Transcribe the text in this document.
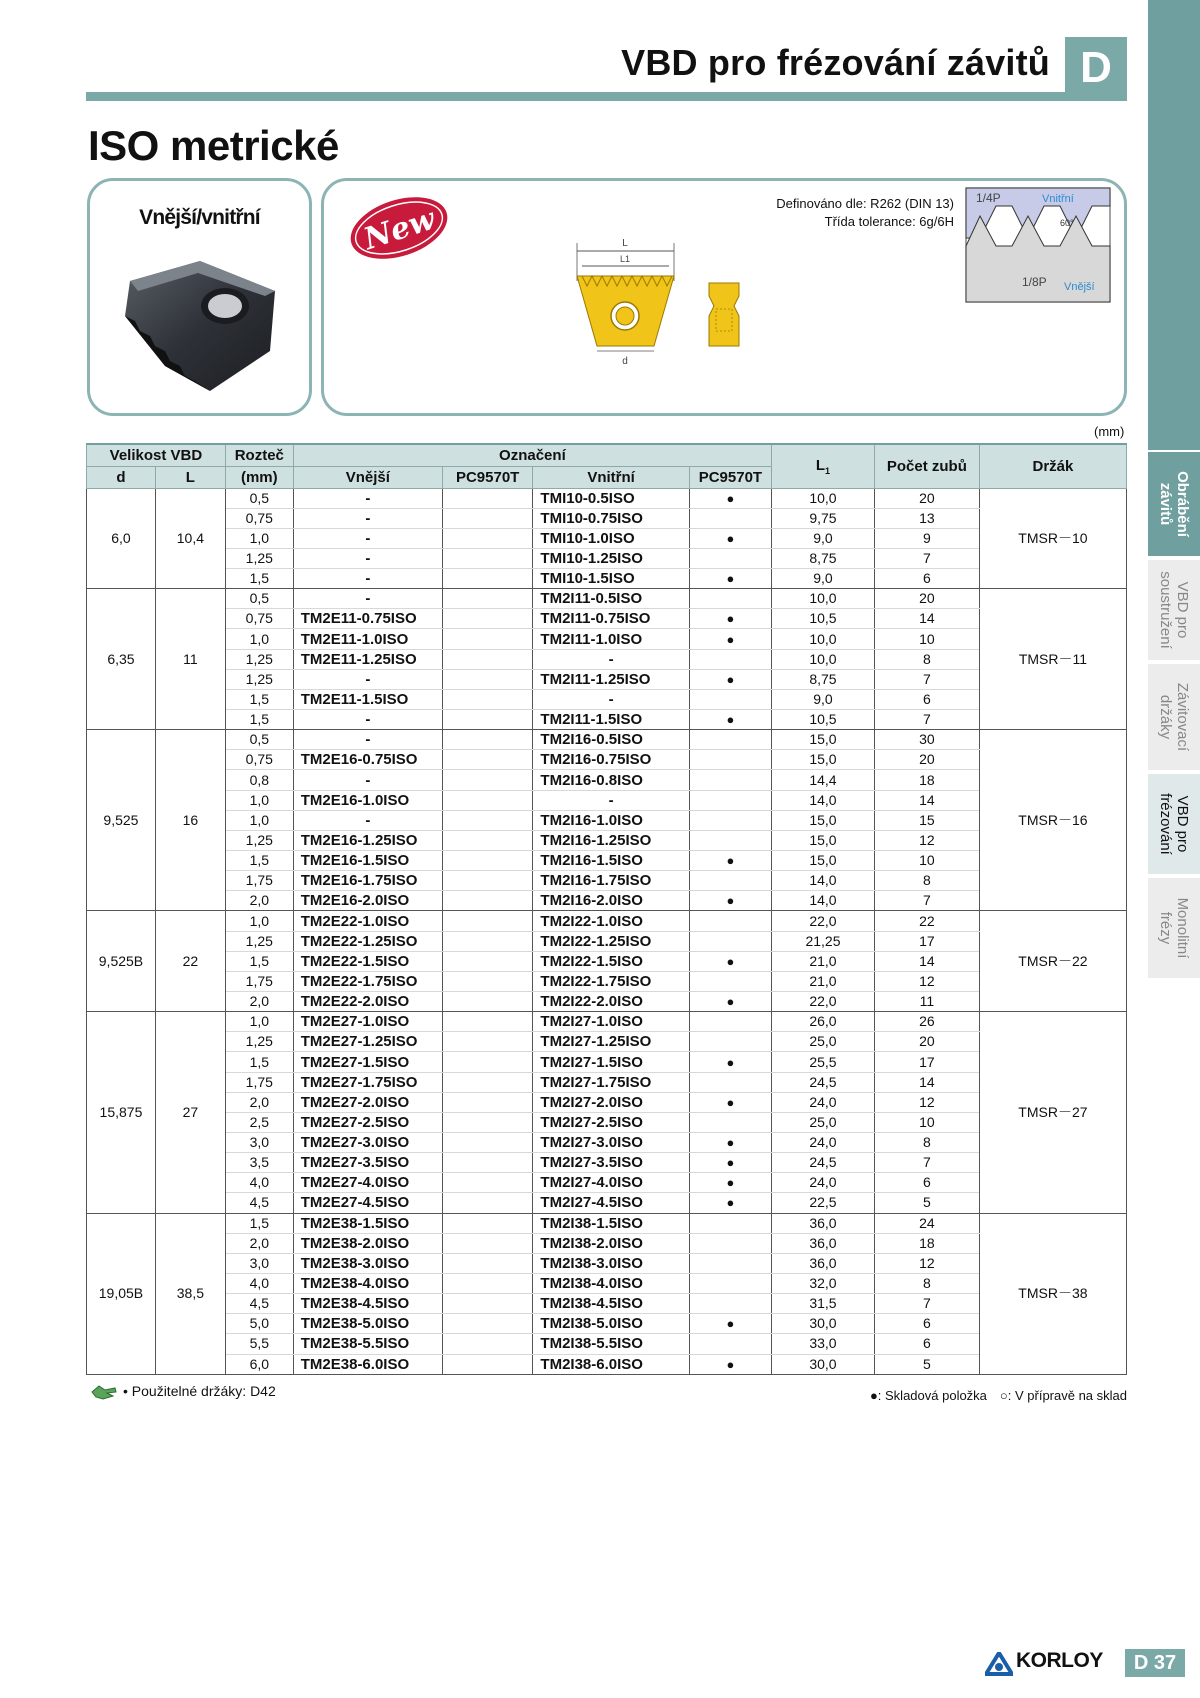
VBD pro frézování závitů D
Obrábění
závitů
VBD pro
soustružení
Závitovací
držáky
VBD pro
frézování
Monolitní
frézy
ISO metrické
Vnější/vnitřní	New	Definováno dle: R262 (DIN 13)
Třída tolerance: 6g/6H
L
L1
d
1/4P	Vnitřní
60°
1/8P Vnější
(mm)
Velikost VBD		Rozteč	Označení				$L_1$	Počet zubů	Držák
d	L	(mm)	Vnější	PC9570T	Vnitřní	PC9570T			
6,0	10,4	0,5	-		TMI10-0.5ISO	●	10,0	20	TMSR－10
		0,75	-		TMI10-0.75ISO		9,75	13	
		1,0	-		TMI10-1.0ISO	●	9,0	9	
		1,25	-		TMI10-1.25ISO		8,75	7	
		1,5	-		TMI10-1.5ISO	●	9,0	6	
6,35	11	0,5	-		TM2I11-0.5ISO		10,0	20	TMSR－11
		0,75	TM2E11-0.75ISO		TM2I11-0.75ISO	●	10,5	14	
		1,0	TM2E11-1.0ISO		TM2I11-1.0ISO	●	10,0	10	
		1,25	TM2E11-1.25ISO		-		10,0	8	
		1,25	-		TM2I11-1.25ISO	●	8,75	7	
		1,5	TM2E11-1.5ISO		-		9,0	6	
		1,5	-		TM2I11-1.5ISO	●	10,5	7	
9,525	16	0,5	-		TM2I16-0.5ISO		15,0	30	TMSR－16
		0,75	TM2E16-0.75ISO		TM2I16-0.75ISO		15,0	20	
		0,8	-		TM2I16-0.8ISO		14,4	18	
		1,0	TM2E16-1.0ISO		-		14,0	14	
		1,0	-		TM2I16-1.0ISO		15,0	15	
		1,25	TM2E16-1.25ISO		TM2I16-1.25ISO		15,0	12	
		1,5	TM2E16-1.5ISO		TM2I16-1.5ISO	●	15,0	10	
		1,75	TM2E16-1.75ISO		TM2I16-1.75ISO		14,0	8	
		2,0	TM2E16-2.0ISO		TM2I16-2.0ISO	●	14,0	7	
9,525B	22	1,0	TM2E22-1.0ISO		TM2I22-1.0ISO		22,0	22	TMSR－22
		1,25	TM2E22-1.25ISO		TM2I22-1.25ISO		21,25	17	
		1,5	TM2E22-1.5ISO		TM2I22-1.5ISO	●	21,0	14	
		1,75	TM2E22-1.75ISO		TM2I22-1.75ISO		21,0	12	
		2,0	TM2E22-2.0ISO		TM2I22-2.0ISO	●	22,0	11	
15,875	27	1,0	TM2E27-1.0ISO		TM2I27-1.0ISO		26,0	26	TMSR－27
		1,25	TM2E27-1.25ISO		TM2I27-1.25ISO		25,0	20	
		1,5	TM2E27-1.5ISO		TM2I27-1.5ISO	●	25,5	17	
		1,75	TM2E27-1.75ISO		TM2I27-1.75ISO		24,5	14	
		2,0	TM2E27-2.0ISO		TM2I27-2.0ISO	●	24,0	12	
		2,5	TM2E27-2.5ISO		TM2I27-2.5ISO		25,0	10	
		3,0	TM2E27-3.0ISO		TM2I27-3.0ISO	●	24,0	8	
		3,5	TM2E27-3.5ISO		TM2I27-3.5ISO	●	24,5	7	
		4,0	TM2E27-4.0ISO		TM2I27-4.0ISO	●	24,0	6	
		4,5	TM2E27-4.5ISO		TM2I27-4.5ISO	●	22,5	5	
19,05B	38,5	1,5	TM2E38-1.5ISO		TM2I38-1.5ISO		36,0	24	TMSR－38
		2,0	TM2E38-2.0ISO		TM2I38-2.0ISO		36,0	18	
		3,0	TM2E38-3.0ISO		TM2I38-3.0ISO		36,0	12	
		4,0	TM2E38-4.0ISO		TM2I38-4.0ISO		32,0	8	
		4,5	TM2E38-4.5ISO		TM2I38-4.5ISO		31,5	7	
		5,0	TM2E38-5.0ISO		TM2I38-5.0ISO	●	30,0	6	
		5,5	TM2E38-5.5ISO		TM2I38-5.5ISO		33,0	6	
		6,0	TM2E38-6.0ISO		TM2I38-6.0ISO	●	30,0	5	
• Použitelné držáky: D42	●: Skladová položka　○: V přípravě na sklad
KORLOY	D 37
